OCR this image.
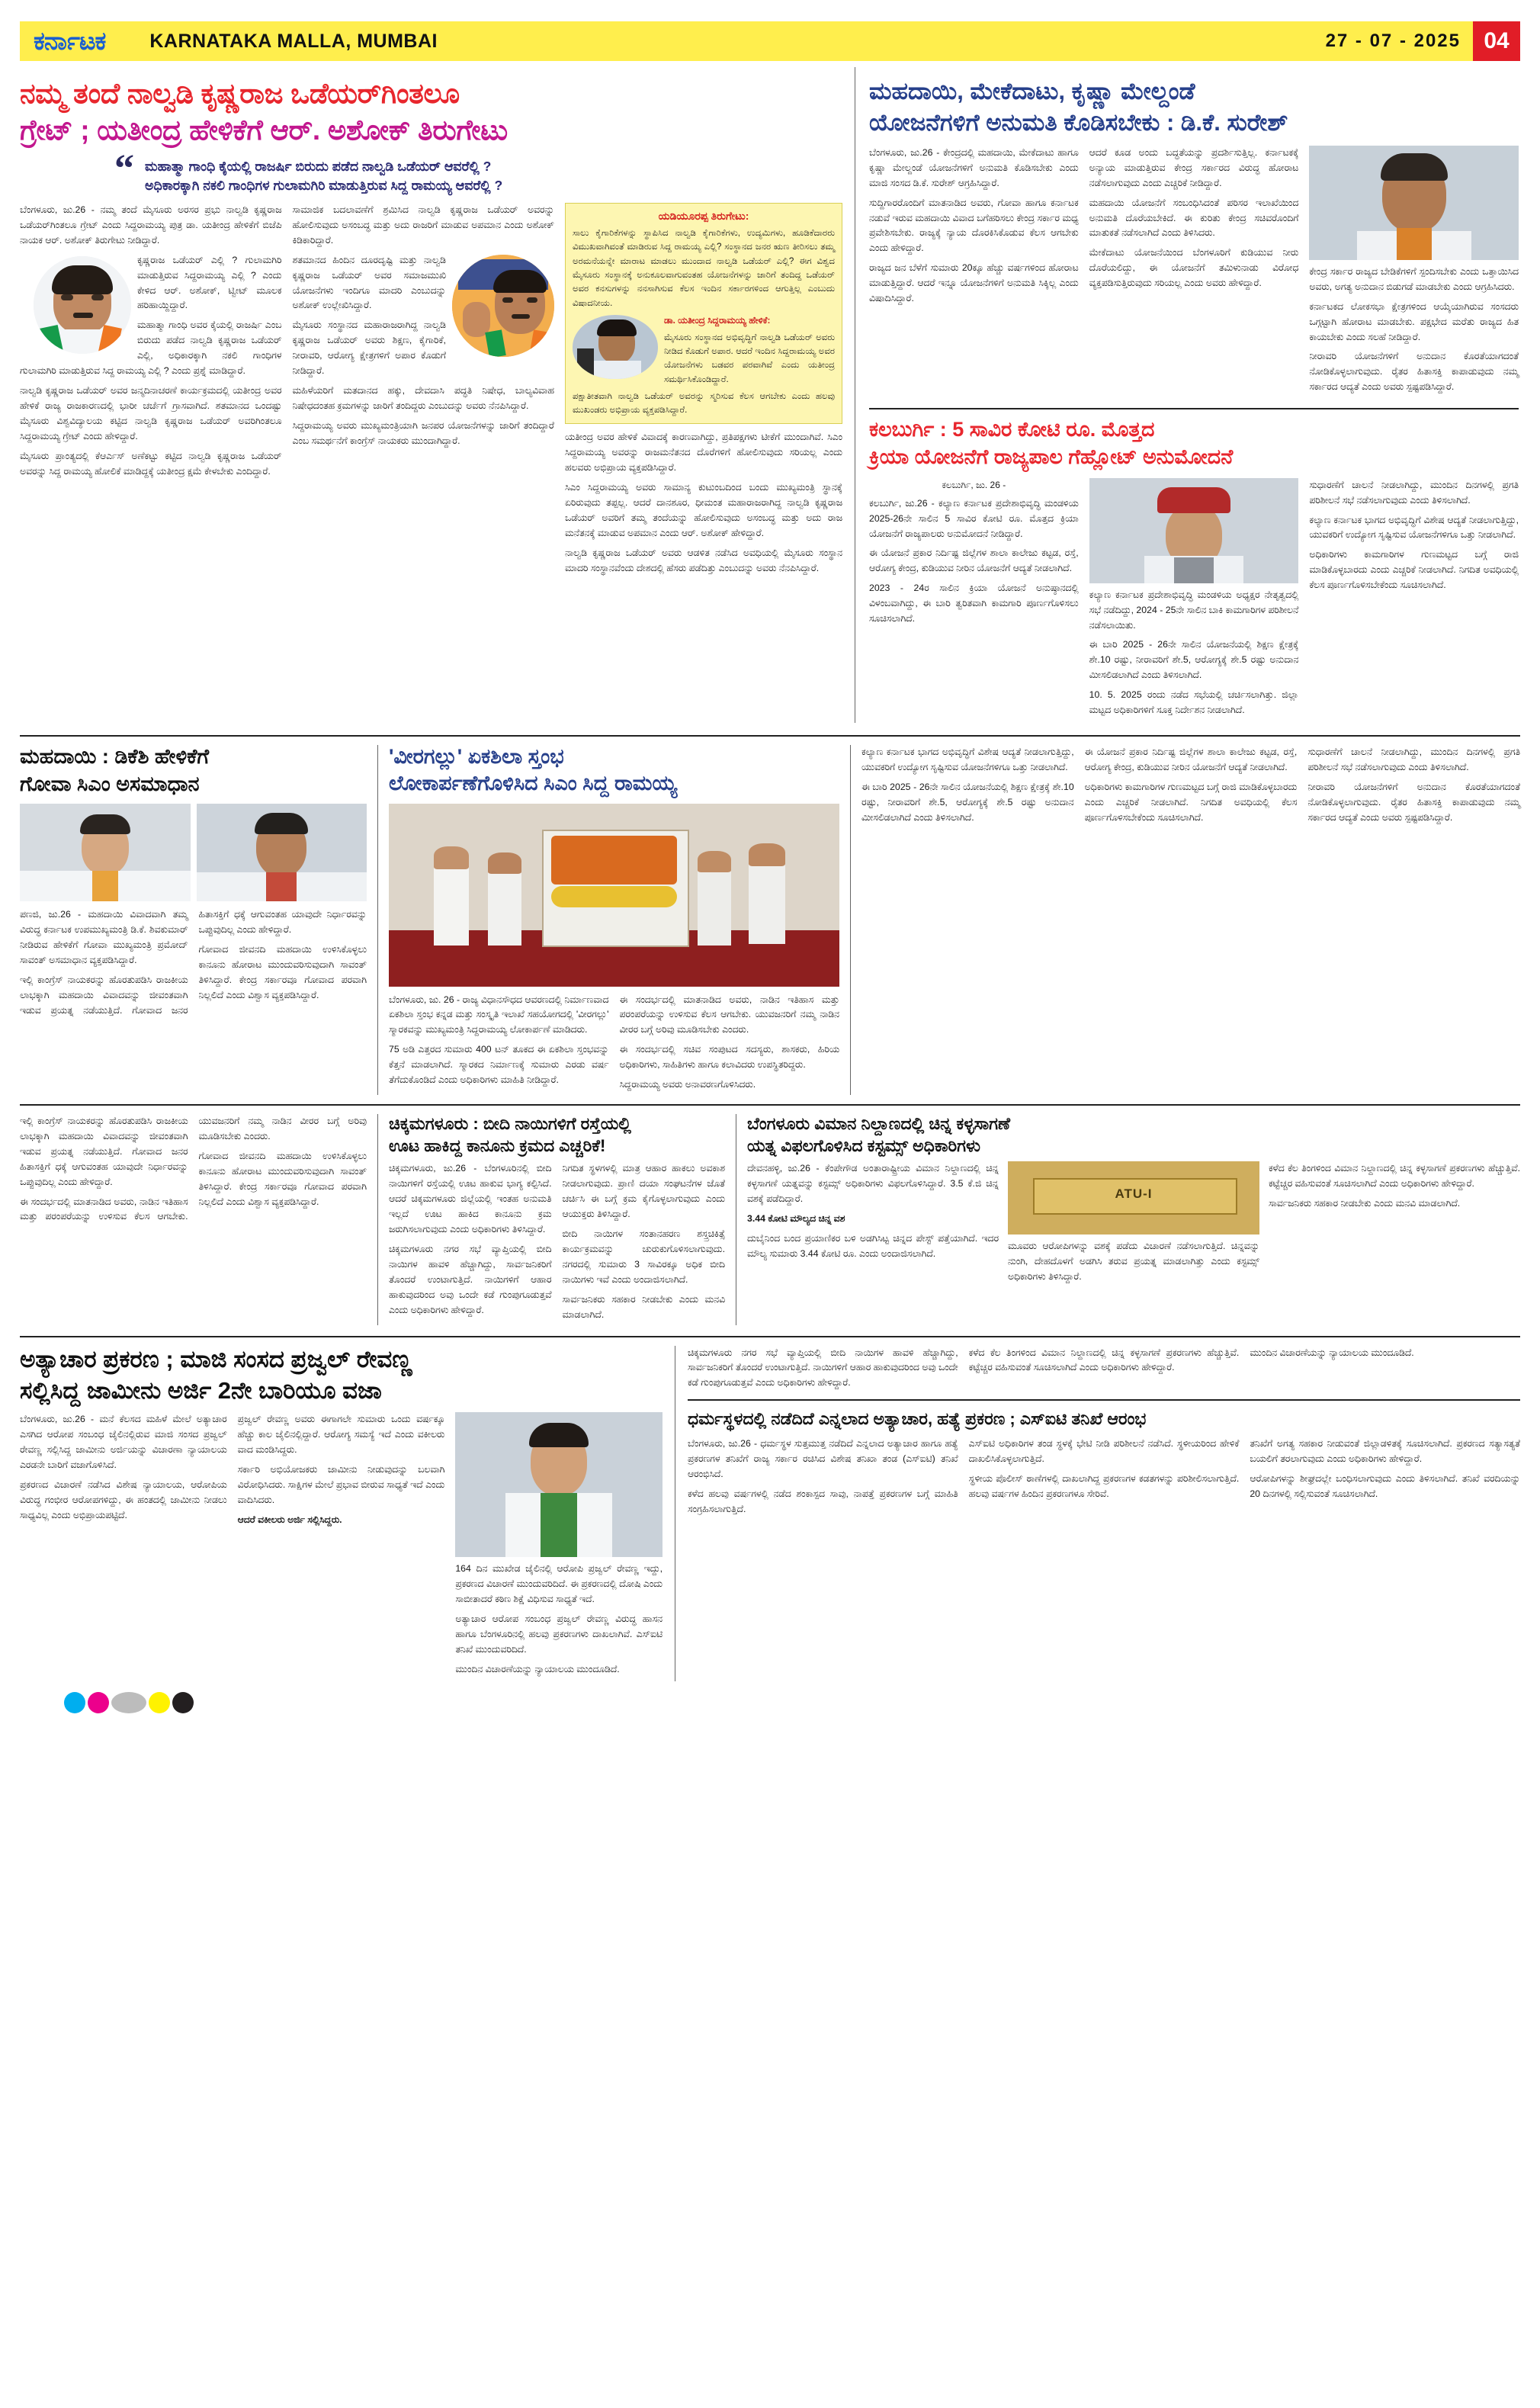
ಕರ್ನಾಟಕ KARNATAKA MALLA, MUMBAI	27 - 07 - 2025	04
ನಮ್ಮ ತಂದೆ ನಾಲ್ವಡಿ ಕೃಷ್ಣರಾಜ ಒಡೆಯರ್‌ಗಿಂತಲೂ
ಗ್ರೇಟ್ ; ಯತೀಂದ್ರ ಹೇಳಿಕೆಗೆ ಆರ್. ಅಶೋಕ್ ತಿರುಗೇಟು
“ ಮಹಾತ್ಮಾ ಗಾಂಧಿ ಕೈಯಲ್ಲಿ ರಾಜರ್ಷಿ ಬಿರುದು ಪಡೆದ ನಾಲ್ವಡಿ ಒಡೆಯರ್ ಆವರೆಲ್ಲಿ ?
ಅಧಿಕಾರಕ್ಕಾಗಿ ನಕಲಿ ಗಾಂಧಿಗಳ ಗುಲಾಮಗಿರಿ ಮಾಡುತ್ತಿರುವ ಸಿದ್ದ ರಾಮಯ್ಯ ಆವರೆಲ್ಲಿ ?

ಬೆಂಗಳೂರು, ಜು.26 - ನಮ್ಮ ತಂದೆ ಮೈಸೂರು ಅರಸರ ಪ್ರಭು ನಾಲ್ವಡಿ ಕೃಷ್ಣರಾಜ ಒಡೆಯರ್‌ಗಿಂತಲೂ ಗ್ರೇಟ್ ಎಂದು ಸಿದ್ದರಾಮಯ್ಯ ಪುತ್ರ ಡಾ. ಯತೀಂದ್ರ ಹೇಳಿಕೆಗೆ ಬಿಜೆಪಿ ನಾಯಕ ಆರ್. ಅಶೋಕ್ ತಿರುಗೇಟು ನೀಡಿದ್ದಾರೆ.

ಕೃಷ್ಣರಾಜ ಒಡೆಯರ್ ಎಲ್ಲಿ ? ಗುಲಾಮಗಿರಿ ಮಾಡುತ್ತಿರುವ ಸಿದ್ದರಾಮಯ್ಯ ಎಲ್ಲಿ ? ಎಂದು ಕೇಳಿದ ಆರ್. ಅಶೋಕ್, ಟ್ವೀಟ್ ಮೂಲಕ ಹರಿಹಾಯ್ದಿದ್ದಾರೆ.

ಮಹಾತ್ಮಾ ಗಾಂಧಿ ಅವರ ಕೈಯಲ್ಲಿ ರಾಜರ್ಷಿ ಎಂಬ ಬಿರುದು ಪಡೆದ ನಾಲ್ವಡಿ ಕೃಷ್ಣರಾಜ ಒಡೆಯರ್ ಎಲ್ಲಿ, ಅಧಿಕಾರಕ್ಕಾಗಿ ನಕಲಿ ಗಾಂಧಿಗಳ ಗುಲಾಮಗಿರಿ ಮಾಡುತ್ತಿರುವ ಸಿದ್ದ ರಾಮಯ್ಯ ಎಲ್ಲಿ ? ಎಂದು ಪ್ರಶ್ನೆ ಮಾಡಿದ್ದಾರೆ.

ನಾಲ್ವಡಿ ಕೃಷ್ಣರಾಜ ಒಡೆಯರ್ ಅವರ ಜನ್ಮದಿನಾಚರಣೆ ಕಾರ್ಯಕ್ರಮದಲ್ಲಿ ಯತೀಂದ್ರ ಅವರ ಹೇಳಿಕೆ ರಾಜ್ಯ ರಾಜಕಾರಣದಲ್ಲಿ ಭಾರೀ ಚರ್ಚೆಗೆ ಗ್ರಾಸವಾಗಿದೆ. ಶತಮಾನದ ಒಂದಷ್ಟು ಮೈಸೂರು ವಿಶ್ವವಿದ್ಯಾಲಯ ಕಟ್ಟಿದ ನಾಲ್ವಡಿ ಕೃಷ್ಣರಾಜ ಒಡೆಯರ್ ಅವರಿಗಿಂತಲೂ ಸಿದ್ದರಾಮಯ್ಯ ಗ್ರೇಟ್ ಎಂದು ಹೇಳಿದ್ದಾರೆ.

ಮೈಸೂರು ಪ್ರಾಂತ್ಯದಲ್ಲಿ ಕೆಆರ್ಎಸ್ ಅಣೆಕಟ್ಟು ಕಟ್ಟಿದ ನಾಲ್ವಡಿ ಕೃಷ್ಣರಾಜ ಒಡೆಯರ್ ಅವರನ್ನು ಸಿದ್ದ ರಾಮಯ್ಯ ಹೋಲಿಕೆ ಮಾಡಿದ್ದಕ್ಕೆ ಯತೀಂದ್ರ ಕ್ಷಮೆ ಕೇಳಬೇಕು ಎಂದಿದ್ದಾರೆ.

ಸಾಮಾಜಿಕ ಬದಲಾವಣೆಗೆ ಶ್ರಮಿಸಿದ ನಾಲ್ವಡಿ ಕೃಷ್ಣರಾಜ ಒಡೆಯರ್ ಅವರನ್ನು ಹೋಲಿಸುವುದು ಅಸಂಬದ್ಧ ಮತ್ತು ಅದು ರಾಜರಿಗೆ ಮಾಡುವ ಅಪಮಾನ ಎಂದು ಅಶೋಕ್ ಕಿಡಿಕಾರಿದ್ದಾರೆ.

ಶತಮಾನದ ಹಿಂದಿನ ದೂರದೃಷ್ಟಿ ಮತ್ತು ನಾಲ್ವಡಿ ಕೃಷ್ಣರಾಜ ಒಡೆಯರ್ ಅವರ ಸಮಾಜಮುಖಿ ಯೋಜನೆಗಳು ಇಂದಿಗೂ ಮಾದರಿ ಎಂಬುದನ್ನು ಅಶೋಕ್ ಉಲ್ಲೇಖಿಸಿದ್ದಾರೆ.

ಮೈಸೂರು ಸಂಸ್ಥಾನದ ಮಹಾರಾಜರಾಗಿದ್ದ ನಾಲ್ವಡಿ ಕೃಷ್ಣರಾಜ ಒಡೆಯರ್ ಅವರು ಶಿಕ್ಷಣ, ಕೈಗಾರಿಕೆ, ನೀರಾವರಿ, ಆರೋಗ್ಯ ಕ್ಷೇತ್ರಗಳಿಗೆ ಅಪಾರ ಕೊಡುಗೆ ನೀಡಿದ್ದಾರೆ.

ಮಹಿಳೆಯರಿಗೆ ಮತದಾನದ ಹಕ್ಕು, ದೇವದಾಸಿ ಪದ್ಧತಿ ನಿಷೇಧ, ಬಾಲ್ಯವಿವಾಹ ನಿಷೇಧದಂತಹ ಕ್ರಮಗಳನ್ನು ಜಾರಿಗೆ ತಂದಿದ್ದರು ಎಂಬುದನ್ನು ಅವರು ನೆನಪಿಸಿದ್ದಾರೆ.

ಸಿದ್ದರಾಮಯ್ಯ ಅವರು ಮುಖ್ಯಮಂತ್ರಿಯಾಗಿ ಜನಪರ ಯೋಜನೆಗಳನ್ನು ಜಾರಿಗೆ ತಂದಿದ್ದಾರೆ ಎಂಬ ಸಮರ್ಥನೆಗೆ ಕಾಂಗ್ರೆಸ್ ನಾಯಕರು ಮುಂದಾಗಿದ್ದಾರೆ.

ಯಡಿಯೂರಪ್ಪ ತಿರುಗೇಟು:
ಸಾಲು ಕೈಗಾರಿಕೆಗಳನ್ನು ಸ್ಥಾಪಿಸಿದ ನಾಲ್ವಡಿ ಕೈಗಾರಿಕೆಗಳು, ಉದ್ಯಮಿಗಳು, ಹೂಡಿಕೆದಾರರು ವಿಮುಖವಾಗಿವಂತೆ ಮಾಡಿರುವ ಸಿದ್ದ ರಾಮಯ್ಯ ಎಲ್ಲಿ? ಸಂಸ್ಥಾನದ ಜನರ ಋಣ ತೀರಿಸಲು ತಮ್ಮ ಅರಮನೆಯನ್ನೇ ಮಾರಾಟ ಮಾಡಲು ಮುಂದಾದ ನಾಲ್ವಡಿ ಒಡೆಯರ್ ಎಲ್ಲಿ? ಈಗ ವಿಶ್ವದ ಮೈಸೂರು ಸಂಸ್ಥಾನಕ್ಕೆ ಅನುಕೂಲವಾಗುವಂತಹ ಯೋಜನೆಗಳನ್ನು ಜಾರಿಗೆ ತಂದಿದ್ದ ಒಡೆಯರ್ ಅವರ ಕನಸುಗಳನ್ನು ನನಸಾಗಿಸುವ ಕೆಲಸ ಇಂದಿನ ಸರ್ಕಾರಗಳಿಂದ ಆಗುತ್ತಿಲ್ಲ ಎಂಬುದು ವಿಷಾದನೀಯ.
ಡಾ. ಯತೀಂದ್ರ ಸಿದ್ದರಾಮಯ್ಯ ಹೇಳಿಕೆ:
ಮೈಸೂರು ಸಂಸ್ಥಾನದ ಅಭಿವೃದ್ಧಿಗೆ ನಾಲ್ವಡಿ ಒಡೆಯರ್ ಅವರು ನೀಡಿದ ಕೊಡುಗೆ ಅಪಾರ. ಆದರೆ ಇಂದಿನ ಸಿದ್ದರಾಮಯ್ಯ ಅವರ ಯೋಜನೆಗಳು ಬಡವರ ಪರವಾಗಿವೆ ಎಂದು ಯತೀಂದ್ರ ಸಮರ್ಥಿಸಿಕೊಂಡಿದ್ದಾರೆ.
ಪಕ್ಷಾತೀತವಾಗಿ ನಾಲ್ವಡಿ ಒಡೆಯರ್ ಅವರನ್ನು ಸ್ಮರಿಸುವ ಕೆಲಸ ಆಗಬೇಕು ಎಂದು ಹಲವು ಮುಖಂಡರು ಅಭಿಪ್ರಾಯ ವ್ಯಕ್ತಪಡಿಸಿದ್ದಾರೆ.

ಯತೀಂದ್ರ ಅವರ ಹೇಳಿಕೆ ವಿವಾದಕ್ಕೆ ಕಾರಣವಾಗಿದ್ದು, ಪ್ರತಿಪಕ್ಷಗಳು ಟೀಕೆಗೆ ಮುಂದಾಗಿವೆ. ಸಿಎಂ ಸಿದ್ದರಾಮಯ್ಯ ಅವರನ್ನು ರಾಜಮನೆತನದ ದೊರೆಗಳಿಗೆ ಹೋಲಿಸುವುದು ಸರಿಯಲ್ಲ ಎಂದು ಹಲವರು ಅಭಿಪ್ರಾಯ ವ್ಯಕ್ತಪಡಿಸಿದ್ದಾರೆ.

ಸಿಎಂ ಸಿದ್ದರಾಮಯ್ಯ ಅವರು ಸಾಮಾನ್ಯ ಕುಟುಂಬದಿಂದ ಬಂದು ಮುಖ್ಯಮಂತ್ರಿ ಸ್ಥಾನಕ್ಕೆ ಏರಿರುವುದು ತಪ್ಪಲ್ಲ. ಆದರೆ ದಾನಶೂರ, ಧೀಮಂತ ಮಹಾರಾಜರಾಗಿದ್ದ ನಾಲ್ವಡಿ ಕೃಷ್ಣರಾಜ ಒಡೆಯರ್ ಅವರಿಗೆ ತಮ್ಮ ತಂದೆಯನ್ನು ಹೋಲಿಸುವುದು ಅಸಂಬದ್ಧ ಮತ್ತು ಅದು ರಾಜ ಮನೆತನಕ್ಕೆ ಮಾಡುವ ಅಪಮಾನ ಎಂದು ಆರ್. ಅಶೋಕ್ ಹೇಳಿದ್ದಾರೆ.

ನಾಲ್ವಡಿ ಕೃಷ್ಣರಾಜ ಒಡೆಯರ್ ಅವರು ಆಡಳಿತ ನಡೆಸಿದ ಅವಧಿಯಲ್ಲಿ ಮೈಸೂರು ಸಂಸ್ಥಾನ ಮಾದರಿ ಸಂಸ್ಥಾನವೆಂದು ದೇಶದಲ್ಲಿ ಹೆಸರು ಪಡೆದಿತ್ತು ಎಂಬುದನ್ನು ಅವರು ನೆನಪಿಸಿದ್ದಾರೆ.

ಮಹದಾಯಿ, ಮೇಕೆದಾಟು, ಕೃಷ್ಣಾ ಮೇಲ್ದಂಡೆ
ಯೋಜನೆಗಳಿಗೆ ಅನುಮತಿ ಕೊಡಿಸಬೇಕು : ಡಿ.ಕೆ. ಸುರೇಶ್

ಬೆಂಗಳೂರು, ಜು.26 - ಕೇಂದ್ರದಲ್ಲಿ ಮಹದಾಯಿ, ಮೇಕೆದಾಟು ಹಾಗೂ ಕೃಷ್ಣಾ ಮೇಲ್ದಂಡೆ ಯೋಜನೆಗಳಿಗೆ ಅನುಮತಿ ಕೊಡಿಸಬೇಕು ಎಂದು ಮಾಜಿ ಸಂಸದ ಡಿ.ಕೆ. ಸುರೇಶ್ ಆಗ್ರಹಿಸಿದ್ದಾರೆ.

ಸುದ್ದಿಗಾರರೊಂದಿಗೆ ಮಾತನಾಡಿದ ಅವರು, ಗೋವಾ ಹಾಗೂ ಕರ್ನಾಟಕ ನಡುವೆ ಇರುವ ಮಹದಾಯಿ ವಿವಾದ ಬಗೆಹರಿಸಲು ಕೇಂದ್ರ ಸರ್ಕಾರ ಮಧ್ಯ ಪ್ರವೇಶಿಸಬೇಕು. ರಾಜ್ಯಕ್ಕೆ ನ್ಯಾಯ ದೊರಕಿಸಿಕೊಡುವ ಕೆಲಸ ಆಗಬೇಕು ಎಂದು ಹೇಳಿದ್ದಾರೆ.

ರಾಜ್ಯದ ಜನ ಬೆಳೆಗೆ ಸುಮಾರು 20ಕ್ಕೂ ಹೆಚ್ಚು ವರ್ಷಗಳಿಂದ ಹೋರಾಟ ಮಾಡುತ್ತಿದ್ದಾರೆ. ಆದರೆ ಇನ್ನೂ ಯೋಜನೆಗಳಿಗೆ ಅನುಮತಿ ಸಿಕ್ಕಿಲ್ಲ ಎಂದು ವಿಷಾದಿಸಿದ್ದಾರೆ.

ಆದರೆ ಕೂಡ ಅಂದು ಬದ್ಧತೆಯನ್ನು ಪ್ರದರ್ಶಿಸುತ್ತಿಲ್ಲ. ಕರ್ನಾಟಕಕ್ಕೆ ಅನ್ಯಾಯ ಮಾಡುತ್ತಿರುವ ಕೇಂದ್ರ ಸರ್ಕಾರದ ವಿರುದ್ಧ ಹೋರಾಟ ನಡೆಸಲಾಗುವುದು ಎಂದು ಎಚ್ಚರಿಕೆ ನೀಡಿದ್ದಾರೆ.

ಮಹದಾಯಿ ಯೋಜನೆಗೆ ಸಂಬಂಧಿಸಿದಂತೆ ಪರಿಸರ ಇಲಾಖೆಯಿಂದ ಅನುಮತಿ ದೊರೆಯಬೇಕಿದೆ. ಈ ಕುರಿತು ಕೇಂದ್ರ ಸಚಿವರೊಂದಿಗೆ ಮಾತುಕತೆ ನಡೆಸಲಾಗಿದೆ ಎಂದು ತಿಳಿಸಿದರು.

ಮೇಕೆದಾಟು ಯೋಜನೆಯಿಂದ ಬೆಂಗಳೂರಿಗೆ ಕುಡಿಯುವ ನೀರು ದೊರೆಯಲಿದ್ದು, ಈ ಯೋಜನೆಗೆ ತಮಿಳುನಾಡು ವಿರೋಧ ವ್ಯಕ್ತಪಡಿಸುತ್ತಿರುವುದು ಸರಿಯಲ್ಲ ಎಂದು ಅವರು ಹೇಳಿದ್ದಾರೆ.

ಕೇಂದ್ರ ಸರ್ಕಾರ ರಾಜ್ಯದ ಬೇಡಿಕೆಗಳಿಗೆ ಸ್ಪಂದಿಸಬೇಕು ಎಂದು ಒತ್ತಾಯಿಸಿದ ಅವರು, ಅಗತ್ಯ ಅನುದಾನ ಬಿಡುಗಡೆ ಮಾಡಬೇಕು ಎಂದು ಆಗ್ರಹಿಸಿದರು.

ಕರ್ನಾಟಕದ ಲೋಕಸಭಾ ಕ್ಷೇತ್ರಗಳಿಂದ ಆಯ್ಕೆಯಾಗಿರುವ ಸಂಸದರು ಒಗ್ಗಟ್ಟಾಗಿ ಹೋರಾಟ ಮಾಡಬೇಕು. ಪಕ್ಷಭೇದ ಮರೆತು ರಾಜ್ಯದ ಹಿತ ಕಾಯಬೇಕು ಎಂದು ಸಲಹೆ ನೀಡಿದ್ದಾರೆ.

ನೀರಾವರಿ ಯೋಜನೆಗಳಿಗೆ ಅನುದಾನ ಕೊರತೆಯಾಗದಂತೆ ನೋಡಿಕೊಳ್ಳಲಾಗುವುದು. ರೈತರ ಹಿತಾಸಕ್ತಿ ಕಾಪಾಡುವುದು ನಮ್ಮ ಸರ್ಕಾರದ ಆದ್ಯತೆ ಎಂದು ಅವರು ಸ್ಪಷ್ಟಪಡಿಸಿದ್ದಾರೆ.

ಕಲಬುರ್ಗಿ : 5 ಸಾವಿರ ಕೋಟಿ ರೂ. ಮೊತ್ತದ
ಕ್ರಿಯಾ ಯೋಜನೆಗೆ ರಾಜ್ಯಪಾಲ ಗೆಹ್ಲೋಟ್ ಅನುಮೋದನೆ
ಕಲಬುರ್ಗಿ, ಜು. 26 -

ಕಲಬುರ್ಗಿ, ಜು.26 - ಕಲ್ಯಾಣ ಕರ್ನಾಟಕ ಪ್ರದೇಶಾಭಿವೃದ್ಧಿ ಮಂಡಳಿಯ 2025-26ನೇ ಸಾಲಿನ 5 ಸಾವಿರ ಕೋಟಿ ರೂ. ಮೊತ್ತದ ಕ್ರಿಯಾ ಯೋಜನೆಗೆ ರಾಜ್ಯಪಾಲರು ಅನುಮೋದನೆ ನೀಡಿದ್ದಾರೆ.

ಈ ಯೋಜನೆ ಪ್ರಕಾರ ನಿರ್ದಿಷ್ಟ ಜಿಲ್ಲೆಗಳ ಶಾಲಾ ಕಾಲೇಜು ಕಟ್ಟಡ, ರಸ್ತೆ, ಆರೋಗ್ಯ ಕೇಂದ್ರ, ಕುಡಿಯುವ ನೀರಿನ ಯೋಜನೆಗೆ ಆದ್ಯತೆ ನೀಡಲಾಗಿದೆ.

2023 - 24ರ ಸಾಲಿನ ಕ್ರಿಯಾ ಯೋಜನೆ ಅನುಷ್ಠಾನದಲ್ಲಿ ವಿಳಂಬವಾಗಿದ್ದು, ಈ ಬಾರಿ ತ್ವರಿತವಾಗಿ ಕಾಮಗಾರಿ ಪೂರ್ಣಗೊಳಿಸಲು ಸೂಚಿಸಲಾಗಿದೆ.

ಕಲ್ಯಾಣ ಕರ್ನಾಟಕ ಪ್ರದೇಶಾಭಿವೃದ್ಧಿ ಮಂಡಳಿಯ ಅಧ್ಯಕ್ಷರ ನೇತೃತ್ವದಲ್ಲಿ ಸಭೆ ನಡೆದಿದ್ದು, 2024 - 25ನೇ ಸಾಲಿನ ಬಾಕಿ ಕಾಮಗಾರಿಗಳ ಪರಿಶೀಲನೆ ನಡೆಸಲಾಯಿತು.

ಈ ಬಾರಿ 2025 - 26ನೇ ಸಾಲಿನ ಯೋಜನೆಯಲ್ಲಿ ಶಿಕ್ಷಣ ಕ್ಷೇತ್ರಕ್ಕೆ ಶೇ.10 ರಷ್ಟು, ನೀರಾವರಿಗೆ ಶೇ.5, ಆರೋಗ್ಯಕ್ಕೆ ಶೇ.5 ರಷ್ಟು ಅನುದಾನ ಮೀಸಲಿಡಲಾಗಿದೆ ಎಂದು ತಿಳಿಸಲಾಗಿದೆ.

10. 5. 2025 ರಂದು ನಡೆದ ಸಭೆಯಲ್ಲಿ ಚರ್ಚಿಸಲಾಗಿತ್ತು. ಜಿಲ್ಲಾ ಮಟ್ಟದ ಅಧಿಕಾರಿಗಳಿಗೆ ಸೂಕ್ತ ನಿರ್ದೇಶನ ನೀಡಲಾಗಿದೆ.

ಸುಧಾರಣೆಗೆ ಚಾಲನೆ ನೀಡಲಾಗಿದ್ದು, ಮುಂದಿನ ದಿನಗಳಲ್ಲಿ ಪ್ರಗತಿ ಪರಿಶೀಲನೆ ಸಭೆ ನಡೆಸಲಾಗುವುದು ಎಂದು ತಿಳಿಸಲಾಗಿದೆ.

ಕಲ್ಯಾಣ ಕರ್ನಾಟಕ ಭಾಗದ ಅಭಿವೃದ್ಧಿಗೆ ವಿಶೇಷ ಆದ್ಯತೆ ನೀಡಲಾಗುತ್ತಿದ್ದು, ಯುವಕರಿಗೆ ಉದ್ಯೋಗ ಸೃಷ್ಟಿಸುವ ಯೋಜನೆಗಳಿಗೂ ಒತ್ತು ನೀಡಲಾಗಿದೆ.

ಅಧಿಕಾರಿಗಳು ಕಾಮಗಾರಿಗಳ ಗುಣಮಟ್ಟದ ಬಗ್ಗೆ ರಾಜಿ ಮಾಡಿಕೊಳ್ಳಬಾರದು ಎಂದು ಎಚ್ಚರಿಕೆ ನೀಡಲಾಗಿದೆ. ನಿಗದಿತ ಅವಧಿಯಲ್ಲಿ ಕೆಲಸ ಪೂರ್ಣಗೊಳಿಸಬೇಕೆಂದು ಸೂಚಿಸಲಾಗಿದೆ.

ಮಹದಾಯಿ : ಡಿಕೆಶಿ ಹೇಳಿಕೆಗೆ
ಗೋವಾ ಸಿಎಂ ಅಸಮಾಧಾನ

ಪಣಜಿ, ಜು.26 - ಮಹದಾಯಿ ವಿವಾದವಾಗಿ ತಮ್ಮ ವಿರುದ್ಧ ಕರ್ನಾಟಕ ಉಪಮುಖ್ಯಮಂತ್ರಿ ಡಿ.ಕೆ. ಶಿವಕುಮಾರ್ ನೀಡಿರುವ ಹೇಳಿಕೆಗೆ ಗೋವಾ ಮುಖ್ಯಮಂತ್ರಿ ಪ್ರಮೋದ್ ಸಾವಂತ್ ಅಸಮಾಧಾನ ವ್ಯಕ್ತಪಡಿಸಿದ್ದಾರೆ.

ಇಲ್ಲಿ ಕಾಂಗ್ರೆಸ್ ನಾಯಕರನ್ನು ಹೊರತುಪಡಿಸಿ ರಾಜಕೀಯ ಲಾಭಕ್ಕಾಗಿ ಮಹದಾಯಿ ವಿವಾದವನ್ನು ಜೀವಂತವಾಗಿ ಇಡುವ ಪ್ರಯತ್ನ ನಡೆಯುತ್ತಿದೆ. ಗೋವಾದ ಜನರ ಹಿತಾಸಕ್ತಿಗೆ ಧಕ್ಕೆ ಆಗುವಂತಹ ಯಾವುದೇ ನಿರ್ಧಾರವನ್ನು ಒಪ್ಪುವುದಿಲ್ಲ ಎಂದು ಹೇಳಿದ್ದಾರೆ.

ಗೋವಾದ ಜೀವನದಿ ಮಹದಾಯಿ ಉಳಿಸಿಕೊಳ್ಳಲು ಕಾನೂನು ಹೋರಾಟ ಮುಂದುವರಿಸುವುದಾಗಿ ಸಾವಂತ್ ತಿಳಿಸಿದ್ದಾರೆ. ಕೇಂದ್ರ ಸರ್ಕಾರವೂ ಗೋವಾದ ಪರವಾಗಿ ನಿಲ್ಲಲಿದೆ ಎಂದು ವಿಶ್ವಾಸ ವ್ಯಕ್ತಪಡಿಸಿದ್ದಾರೆ.

'ವೀರಗಲ್ಲು' ಏಕಶಿಲಾ ಸ್ತಂಭ
ಲೋಕಾರ್ಪಣೆಗೊಳಿಸಿದ ಸಿಎಂ ಸಿದ್ದ ರಾಮಯ್ಯ

ಬೆಂಗಳೂರು, ಜು. 26 - ರಾಜ್ಯ ವಿಧಾನಸೌಧದ ಆವರಣದಲ್ಲಿ ನಿರ್ಮಾಣವಾದ ಏಕಶಿಲಾ ಸ್ತಂಭ ಕನ್ನಡ ಮತ್ತು ಸಂಸ್ಕೃತಿ ಇಲಾಖೆ ಸಹಯೋಗದಲ್ಲಿ 'ವೀರಗಲ್ಲು' ಸ್ಮಾರಕವನ್ನು ಮುಖ್ಯಮಂತ್ರಿ ಸಿದ್ದರಾಮಯ್ಯ ಲೋಕಾರ್ಪಣೆ ಮಾಡಿದರು.

75 ಅಡಿ ಎತ್ತರದ ಸುಮಾರು 400 ಟನ್ ತೂಕದ ಈ ಏಕಶಿಲಾ ಸ್ತಂಭವನ್ನು ಕೆತ್ತನೆ ಮಾಡಲಾಗಿದೆ. ಸ್ಮಾರಕದ ನಿರ್ಮಾಣಕ್ಕೆ ಸುಮಾರು ಎರಡು ವರ್ಷ ತೆಗೆದುಕೊಂಡಿದೆ ಎಂದು ಅಧಿಕಾರಿಗಳು ಮಾಹಿತಿ ನೀಡಿದ್ದಾರೆ.

ಈ ಸಂದರ್ಭದಲ್ಲಿ ಮಾತನಾಡಿದ ಅವರು, ನಾಡಿನ ಇತಿಹಾಸ ಮತ್ತು ಪರಂಪರೆಯನ್ನು ಉಳಿಸುವ ಕೆಲಸ ಆಗಬೇಕು. ಯುವಜನರಿಗೆ ನಮ್ಮ ನಾಡಿನ ವೀರರ ಬಗ್ಗೆ ಅರಿವು ಮೂಡಿಸಬೇಕು ಎಂದರು.

ಈ ಸಂದರ್ಭದಲ್ಲಿ ಸಚಿವ ಸಂಪುಟದ ಸದಸ್ಯರು, ಶಾಸಕರು, ಹಿರಿಯ ಅಧಿಕಾರಿಗಳು, ಸಾಹಿತಿಗಳು ಹಾಗೂ ಕಲಾವಿದರು ಉಪಸ್ಥಿತರಿದ್ದರು.

ಸಿದ್ದರಾಮಯ್ಯ ಅವರು ಅನಾವರಣಗೊಳಿಸಿದರು.

ಕಲ್ಯಾಣ ಕರ್ನಾಟಕ ಭಾಗದ ಅಭಿವೃದ್ಧಿಗೆ ವಿಶೇಷ ಆದ್ಯತೆ ನೀಡಲಾಗುತ್ತಿದ್ದು, ಯುವಕರಿಗೆ ಉದ್ಯೋಗ ಸೃಷ್ಟಿಸುವ ಯೋಜನೆಗಳಿಗೂ ಒತ್ತು ನೀಡಲಾಗಿದೆ.

ಈ ಬಾರಿ 2025 - 26ನೇ ಸಾಲಿನ ಯೋಜನೆಯಲ್ಲಿ ಶಿಕ್ಷಣ ಕ್ಷೇತ್ರಕ್ಕೆ ಶೇ.10 ರಷ್ಟು, ನೀರಾವರಿಗೆ ಶೇ.5, ಆರೋಗ್ಯಕ್ಕೆ ಶೇ.5 ರಷ್ಟು ಅನುದಾನ ಮೀಸಲಿಡಲಾಗಿದೆ ಎಂದು ತಿಳಿಸಲಾಗಿದೆ.

ಈ ಯೋಜನೆ ಪ್ರಕಾರ ನಿರ್ದಿಷ್ಟ ಜಿಲ್ಲೆಗಳ ಶಾಲಾ ಕಾಲೇಜು ಕಟ್ಟಡ, ರಸ್ತೆ, ಆರೋಗ್ಯ ಕೇಂದ್ರ, ಕುಡಿಯುವ ನೀರಿನ ಯೋಜನೆಗೆ ಆದ್ಯತೆ ನೀಡಲಾಗಿದೆ.

ಅಧಿಕಾರಿಗಳು ಕಾಮಗಾರಿಗಳ ಗುಣಮಟ್ಟದ ಬಗ್ಗೆ ರಾಜಿ ಮಾಡಿಕೊಳ್ಳಬಾರದು ಎಂದು ಎಚ್ಚರಿಕೆ ನೀಡಲಾಗಿದೆ. ನಿಗದಿತ ಅವಧಿಯಲ್ಲಿ ಕೆಲಸ ಪೂರ್ಣಗೊಳಿಸಬೇಕೆಂದು ಸೂಚಿಸಲಾಗಿದೆ.

ಸುಧಾರಣೆಗೆ ಚಾಲನೆ ನೀಡಲಾಗಿದ್ದು, ಮುಂದಿನ ದಿನಗಳಲ್ಲಿ ಪ್ರಗತಿ ಪರಿಶೀಲನೆ ಸಭೆ ನಡೆಸಲಾಗುವುದು ಎಂದು ತಿಳಿಸಲಾಗಿದೆ.

ನೀರಾವರಿ ಯೋಜನೆಗಳಿಗೆ ಅನುದಾನ ಕೊರತೆಯಾಗದಂತೆ ನೋಡಿಕೊಳ್ಳಲಾಗುವುದು. ರೈತರ ಹಿತಾಸಕ್ತಿ ಕಾಪಾಡುವುದು ನಮ್ಮ ಸರ್ಕಾರದ ಆದ್ಯತೆ ಎಂದು ಅವರು ಸ್ಪಷ್ಟಪಡಿಸಿದ್ದಾರೆ.

ಇಲ್ಲಿ ಕಾಂಗ್ರೆಸ್ ನಾಯಕರನ್ನು ಹೊರತುಪಡಿಸಿ ರಾಜಕೀಯ ಲಾಭಕ್ಕಾಗಿ ಮಹದಾಯಿ ವಿವಾದವನ್ನು ಜೀವಂತವಾಗಿ ಇಡುವ ಪ್ರಯತ್ನ ನಡೆಯುತ್ತಿದೆ. ಗೋವಾದ ಜನರ ಹಿತಾಸಕ್ತಿಗೆ ಧಕ್ಕೆ ಆಗುವಂತಹ ಯಾವುದೇ ನಿರ್ಧಾರವನ್ನು ಒಪ್ಪುವುದಿಲ್ಲ ಎಂದು ಹೇಳಿದ್ದಾರೆ.

ಈ ಸಂದರ್ಭದಲ್ಲಿ ಮಾತನಾಡಿದ ಅವರು, ನಾಡಿನ ಇತಿಹಾಸ ಮತ್ತು ಪರಂಪರೆಯನ್ನು ಉಳಿಸುವ ಕೆಲಸ ಆಗಬೇಕು. ಯುವಜನರಿಗೆ ನಮ್ಮ ನಾಡಿನ ವೀರರ ಬಗ್ಗೆ ಅರಿವು ಮೂಡಿಸಬೇಕು ಎಂದರು.

ಗೋವಾದ ಜೀವನದಿ ಮಹದಾಯಿ ಉಳಿಸಿಕೊಳ್ಳಲು ಕಾನೂನು ಹೋರಾಟ ಮುಂದುವರಿಸುವುದಾಗಿ ಸಾವಂತ್ ತಿಳಿಸಿದ್ದಾರೆ. ಕೇಂದ್ರ ಸರ್ಕಾರವೂ ಗೋವಾದ ಪರವಾಗಿ ನಿಲ್ಲಲಿದೆ ಎಂದು ವಿಶ್ವಾಸ ವ್ಯಕ್ತಪಡಿಸಿದ್ದಾರೆ.

ಚಿಕ್ಕಮಗಳೂರು : ಬೀದಿ ನಾಯಿಗಳಿಗೆ ರಸ್ತೆಯಲ್ಲಿ
ಊಟ ಹಾಕಿದ್ದ ಕಾನೂನು ಕ್ರಮದ ಎಚ್ಚರಿಕೆ!

ಚಿಕ್ಕಮಗಳೂರು, ಜು.26 - ಬೆಂಗಳೂರಿನಲ್ಲಿ ಬೀದಿ ನಾಯಿಗಳಿಗೆ ರಸ್ತೆಯಲ್ಲಿ ಊಟ ಹಾಕುವ ಭಾಗ್ಯ ಕಲ್ಪಿಸಿದೆ. ಆದರೆ ಚಿಕ್ಕಮಗಳೂರು ಜಿಲ್ಲೆಯಲ್ಲಿ ಇಂತಹ ಅನುಮತಿ ಇಲ್ಲದೆ ಊಟ ಹಾಕಿದ ಕಾನೂನು ಕ್ರಮ ಜರುಗಿಸಲಾಗುವುದು ಎಂದು ಅಧಿಕಾರಿಗಳು ತಿಳಿಸಿದ್ದಾರೆ.

ಚಿಕ್ಕಮಗಳೂರು ನಗರ ಸಭೆ ವ್ಯಾಪ್ತಿಯಲ್ಲಿ ಬೀದಿ ನಾಯಿಗಳ ಹಾವಳಿ ಹೆಚ್ಚಾಗಿದ್ದು, ಸಾರ್ವಜನಿಕರಿಗೆ ತೊಂದರೆ ಉಂಟಾಗುತ್ತಿದೆ. ನಾಯಿಗಳಿಗೆ ಆಹಾರ ಹಾಕುವುದರಿಂದ ಅವು ಒಂದೇ ಕಡೆ ಗುಂಪುಗೂಡುತ್ತವೆ ಎಂದು ಅಧಿಕಾರಿಗಳು ಹೇಳಿದ್ದಾರೆ.

ನಿಗದಿತ ಸ್ಥಳಗಳಲ್ಲಿ ಮಾತ್ರ ಆಹಾರ ಹಾಕಲು ಅವಕಾಶ ನೀಡಲಾಗುವುದು. ಪ್ರಾಣಿ ದಯಾ ಸಂಘಟನೆಗಳ ಜೊತೆ ಚರ್ಚಿಸಿ ಈ ಬಗ್ಗೆ ಕ್ರಮ ಕೈಗೊಳ್ಳಲಾಗುವುದು ಎಂದು ಆಯುಕ್ತರು ತಿಳಿಸಿದ್ದಾರೆ.

ಬೀದಿ ನಾಯಿಗಳ ಸಂತಾನಹರಣ ಶಸ್ತ್ರಚಿಕಿತ್ಸೆ ಕಾರ್ಯಕ್ರಮವನ್ನು ಚುರುಕುಗೊಳಿಸಲಾಗುವುದು. ನಗರದಲ್ಲಿ ಸುಮಾರು 3 ಸಾವಿರಕ್ಕೂ ಅಧಿಕ ಬೀದಿ ನಾಯಿಗಳು ಇವೆ ಎಂದು ಅಂದಾಜಿಸಲಾಗಿದೆ.

ಸಾರ್ವಜನಿಕರು ಸಹಕಾರ ನೀಡಬೇಕು ಎಂದು ಮನವಿ ಮಾಡಲಾಗಿದೆ.

ಬೆಂಗಳೂರು ವಿಮಾನ ನಿಲ್ದಾಣದಲ್ಲಿ ಚಿನ್ನ ಕಳ್ಳಸಾಗಣೆ
ಯತ್ನ ವಿಫಲಗೊಳಿಸಿದ ಕಸ್ಟಮ್ಸ್ ಅಧಿಕಾರಿಗಳು

ದೇವನಹಳ್ಳಿ, ಜು.26 - ಕೆಂಪೇಗೌಡ ಅಂತಾರಾಷ್ಟ್ರೀಯ ವಿಮಾನ ನಿಲ್ದಾಣದಲ್ಲಿ ಚಿನ್ನ ಕಳ್ಳಸಾಗಣೆ ಯತ್ನವನ್ನು ಕಸ್ಟಮ್ಸ್ ಅಧಿಕಾರಿಗಳು ವಿಫಲಗೊಳಿಸಿದ್ದಾರೆ. 3.5 ಕೆ.ಜಿ ಚಿನ್ನ ವಶಕ್ಕೆ ಪಡೆದಿದ್ದಾರೆ.

3.44 ಕೋಟಿ ಮೌಲ್ಯದ ಚಿನ್ನ ವಶ

ದುಬೈನಿಂದ ಬಂದ ಪ್ರಯಾಣಿಕರ ಬಳಿ ಅಡಗಿಸಿಟ್ಟ ಚಿನ್ನದ ಪೇಸ್ಟ್ ಪತ್ತೆಯಾಗಿದೆ. ಇದರ ಮೌಲ್ಯ ಸುಮಾರು 3.44 ಕೋಟಿ ರೂ. ಎಂದು ಅಂದಾಜಿಸಲಾಗಿದೆ.

ATU-I

ಮೂವರು ಆರೋಪಿಗಳನ್ನು ವಶಕ್ಕೆ ಪಡೆದು ವಿಚಾರಣೆ ನಡೆಸಲಾಗುತ್ತಿದೆ. ಚಿನ್ನವನ್ನು ನುಂಗಿ, ದೇಹದೊಳಗೆ ಅಡಗಿಸಿ ತರುವ ಪ್ರಯತ್ನ ಮಾಡಲಾಗಿತ್ತು ಎಂದು ಕಸ್ಟಮ್ಸ್ ಅಧಿಕಾರಿಗಳು ತಿಳಿಸಿದ್ದಾರೆ.

ಕಳೆದ ಕೆಲ ತಿಂಗಳಿಂದ ವಿಮಾನ ನಿಲ್ದಾಣದಲ್ಲಿ ಚಿನ್ನ ಕಳ್ಳಸಾಗಣೆ ಪ್ರಕರಣಗಳು ಹೆಚ್ಚುತ್ತಿವೆ. ಕಟ್ಟೆಚ್ಚರ ವಹಿಸುವಂತೆ ಸೂಚಿಸಲಾಗಿದೆ ಎಂದು ಅಧಿಕಾರಿಗಳು ಹೇಳಿದ್ದಾರೆ.

ಸಾರ್ವಜನಿಕರು ಸಹಕಾರ ನೀಡಬೇಕು ಎಂದು ಮನವಿ ಮಾಡಲಾಗಿದೆ.

ಅತ್ಯಾಚಾರ ಪ್ರಕರಣ ; ಮಾಜಿ ಸಂಸದ ಪ್ರಜ್ವಲ್ ರೇವಣ್ಣ
ಸಲ್ಲಿಸಿದ್ದ ಜಾಮೀನು ಅರ್ಜಿ 2ನೇ ಬಾರಿಯೂ ವಜಾ

ಬೆಂಗಳೂರು, ಜು.26 - ಮನೆ ಕೆಲಸದ ಮಹಿಳೆ ಮೇಲೆ ಅತ್ಯಾಚಾರ ಎಸಗಿದ ಆರೋಪ ಸಂಬಂಧ ಜೈಲಿನಲ್ಲಿರುವ ಮಾಜಿ ಸಂಸದ ಪ್ರಜ್ವಲ್ ರೇವಣ್ಣ ಸಲ್ಲಿಸಿದ್ದ ಜಾಮೀನು ಅರ್ಜಿಯನ್ನು ವಿಚಾರಣಾ ನ್ಯಾಯಾಲಯ ಎರಡನೇ ಬಾರಿಗೆ ವಜಾಗೊಳಿಸಿದೆ.

ಪ್ರಕರಣದ ವಿಚಾರಣೆ ನಡೆಸಿದ ವಿಶೇಷ ನ್ಯಾಯಾಲಯ, ಆರೋಪಿಯ ವಿರುದ್ಧ ಗಂಭೀರ ಆರೋಪಗಳಿದ್ದು, ಈ ಹಂತದಲ್ಲಿ ಜಾಮೀನು ನೀಡಲು ಸಾಧ್ಯವಿಲ್ಲ ಎಂದು ಅಭಿಪ್ರಾಯಪಟ್ಟಿದೆ.

ಪ್ರಜ್ವಲ್ ರೇವಣ್ಣ ಅವರು ಈಗಾಗಲೇ ಸುಮಾರು ಒಂದು ವರ್ಷಕ್ಕೂ ಹೆಚ್ಚು ಕಾಲ ಜೈಲಿನಲ್ಲಿದ್ದಾರೆ. ಆರೋಗ್ಯ ಸಮಸ್ಯೆ ಇದೆ ಎಂದು ವಕೀಲರು ವಾದ ಮಂಡಿಸಿದ್ದರು.

ಸರ್ಕಾರಿ ಅಭಿಯೋಜಕರು ಜಾಮೀನು ನೀಡುವುದನ್ನು ಬಲವಾಗಿ ವಿರೋಧಿಸಿದರು. ಸಾಕ್ಷಿಗಳ ಮೇಲೆ ಪ್ರಭಾವ ಬೀರುವ ಸಾಧ್ಯತೆ ಇದೆ ಎಂದು ವಾದಿಸಿದರು.

ಆದರೆ ವಕೀಲರು ಅರ್ಜಿ ಸಲ್ಲಿಸಿದ್ದರು.

164 ದಿನ ಮುಖೇಡ ಜೈಲಿನಲ್ಲಿ ಆರೋಪಿ ಪ್ರಜ್ವಲ್ ರೇವಣ್ಣ ಇದ್ದು, ಪ್ರಕರಣದ ವಿಚಾರಣೆ ಮುಂದುವರಿದಿದೆ. ಈ ಪ್ರಕರಣದಲ್ಲಿ ದೋಷಿ ಎಂದು ಸಾಬೀತಾದರೆ ಕಠಿಣ ಶಿಕ್ಷೆ ವಿಧಿಸುವ ಸಾಧ್ಯತೆ ಇದೆ.

ಅತ್ಯಾಚಾರ ಆರೋಪ ಸಂಬಂಧ ಪ್ರಜ್ವಲ್ ರೇವಣ್ಣ ವಿರುದ್ಧ ಹಾಸನ ಹಾಗೂ ಬೆಂಗಳೂರಿನಲ್ಲಿ ಹಲವು ಪ್ರಕರಣಗಳು ದಾಖಲಾಗಿವೆ. ಎಸ್ಐಟಿ ತನಿಖೆ ಮುಂದುವರಿದಿದೆ.

ಮುಂದಿನ ವಿಚಾರಣೆಯನ್ನು ನ್ಯಾಯಾಲಯ ಮುಂದೂಡಿದೆ.

ಚಿಕ್ಕಮಗಳೂರು ನಗರ ಸಭೆ ವ್ಯಾಪ್ತಿಯಲ್ಲಿ ಬೀದಿ ನಾಯಿಗಳ ಹಾವಳಿ ಹೆಚ್ಚಾಗಿದ್ದು, ಸಾರ್ವಜನಿಕರಿಗೆ ತೊಂದರೆ ಉಂಟಾಗುತ್ತಿದೆ. ನಾಯಿಗಳಿಗೆ ಆಹಾರ ಹಾಕುವುದರಿಂದ ಅವು ಒಂದೇ ಕಡೆ ಗುಂಪುಗೂಡುತ್ತವೆ ಎಂದು ಅಧಿಕಾರಿಗಳು ಹೇಳಿದ್ದಾರೆ.

ಕಳೆದ ಕೆಲ ತಿಂಗಳಿಂದ ವಿಮಾನ ನಿಲ್ದಾಣದಲ್ಲಿ ಚಿನ್ನ ಕಳ್ಳಸಾಗಣೆ ಪ್ರಕರಣಗಳು ಹೆಚ್ಚುತ್ತಿವೆ. ಕಟ್ಟೆಚ್ಚರ ವಹಿಸುವಂತೆ ಸೂಚಿಸಲಾಗಿದೆ ಎಂದು ಅಧಿಕಾರಿಗಳು ಹೇಳಿದ್ದಾರೆ.

ಮುಂದಿನ ವಿಚಾರಣೆಯನ್ನು ನ್ಯಾಯಾಲಯ ಮುಂದೂಡಿದೆ.

ಧರ್ಮಸ್ಥಳದಲ್ಲಿ ನಡೆದಿದೆ ಎನ್ನಲಾದ ಅತ್ಯಾಚಾರ, ಹತ್ಯೆ ಪ್ರಕರಣ ; ಎಸ್ಐಟಿ ತನಿಖೆ ಆರಂಭ

ಬೆಂಗಳೂರು, ಜು.26 - ಧರ್ಮಸ್ಥಳ ಸುತ್ತಮುತ್ತ ನಡೆದಿದೆ ಎನ್ನಲಾದ ಅತ್ಯಾಚಾರ ಹಾಗೂ ಹತ್ಯೆ ಪ್ರಕರಣಗಳ ತನಿಖೆಗೆ ರಾಜ್ಯ ಸರ್ಕಾರ ರಚಿಸಿದ ವಿಶೇಷ ತನಿಖಾ ತಂಡ (ಎಸ್ಐಟಿ) ತನಿಖೆ ಆರಂಭಿಸಿದೆ.

ಕಳೆದ ಹಲವು ವರ್ಷಗಳಲ್ಲಿ ನಡೆದ ಶಂಕಾಸ್ಪದ ಸಾವು, ನಾಪತ್ತೆ ಪ್ರಕರಣಗಳ ಬಗ್ಗೆ ಮಾಹಿತಿ ಸಂಗ್ರಹಿಸಲಾಗುತ್ತಿದೆ.

ಎಸ್ಐಟಿ ಅಧಿಕಾರಿಗಳ ತಂಡ ಸ್ಥಳಕ್ಕೆ ಭೇಟಿ ನೀಡಿ ಪರಿಶೀಲನೆ ನಡೆಸಿದೆ. ಸ್ಥಳೀಯರಿಂದ ಹೇಳಿಕೆ ದಾಖಲಿಸಿಕೊಳ್ಳಲಾಗುತ್ತಿದೆ.

ಸ್ಥಳೀಯ ಪೊಲೀಸ್ ಠಾಣೆಗಳಲ್ಲಿ ದಾಖಲಾಗಿದ್ದ ಪ್ರಕರಣಗಳ ಕಡತಗಳನ್ನು ಪರಿಶೀಲಿಸಲಾಗುತ್ತಿದೆ. ಹಲವು ವರ್ಷಗಳ ಹಿಂದಿನ ಪ್ರಕರಣಗಳೂ ಸೇರಿವೆ.

ತನಿಖೆಗೆ ಅಗತ್ಯ ಸಹಕಾರ ನೀಡುವಂತೆ ಜಿಲ್ಲಾಡಳಿತಕ್ಕೆ ಸೂಚಿಸಲಾಗಿದೆ. ಪ್ರಕರಣದ ಸತ್ಯಾಸತ್ಯತೆ ಬಯಲಿಗೆ ತರಲಾಗುವುದು ಎಂದು ಅಧಿಕಾರಿಗಳು ಹೇಳಿದ್ದಾರೆ.

ಆರೋಪಿಗಳನ್ನು ಶೀಘ್ರದಲ್ಲೇ ಬಂಧಿಸಲಾಗುವುದು ಎಂದು ತಿಳಿಸಲಾಗಿದೆ. ತನಿಖೆ ವರದಿಯನ್ನು 20 ದಿನಗಳಲ್ಲಿ ಸಲ್ಲಿಸುವಂತೆ ಸೂಚಿಸಲಾಗಿದೆ.
